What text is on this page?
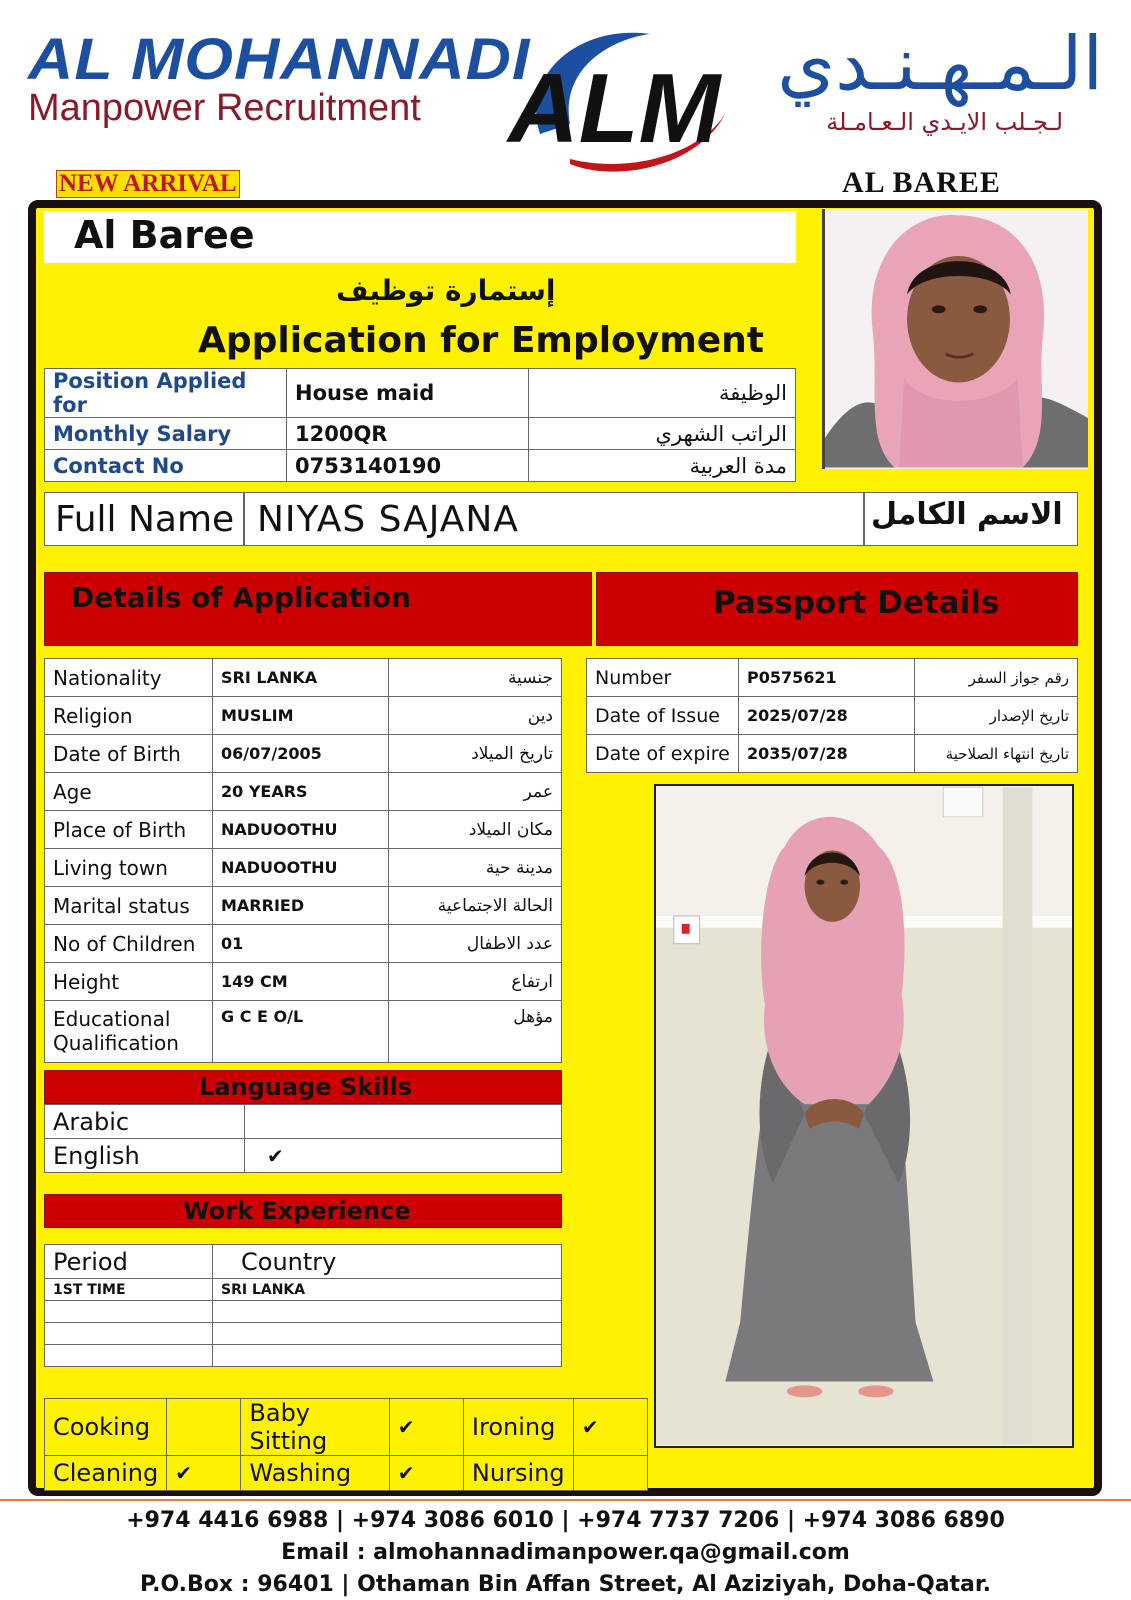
AL MOHANNADI
Manpower Recruitment ALM الـمـهـنـدي
لـجـلب الايـدي الـعـامـلة
NEW ARRIVAL	AL BAREE
Al Baree
إستمارة توظيف
Application for Employment
Position Applied for	House maid	الوظيفة
Monthly Salary	1200QR	الراتب الشهري
Contact No	0753140190	مدة العربية
Full Name NIYAS SAJANA	الاسم الكامل
Details of Application	Passport Details
Nationality	SRI LANKA	جنسية
Religion	MUSLIM	دين
Date of Birth	06/07/2005	تاريخ الميلاد
Age	20 YEARS	عمر
Place of Birth	NADUOOTHU	مكان الميلاد
Living town	NADUOOTHU	مدينة حية
Marital status	MARRIED	الحالة الاجتماعية
No of Children	01	عدد الاطفال
Height	149 CM	ارتفاع
Educational Qualification	G C E O/L	مؤهل
Number	P0575621	رقم جواز السفر
Date of Issue	2025/07/28	تاريخ الإصدار
Date of expire	2035/07/28	تاريخ انتهاء الصلاحية
Language Skills
Arabic	
English	✔
Work Experience
Period	Country
1ST TIME	SRI LANKA

Cooking		Baby Sitting	✔	Ironing	✔
Cleaning	✔	Washing	✔	Nursing	
+974 4416 6988 | +974 3086 6010 | +974 7737 7206 | +974 3086 6890
Email : almohannadimanpower.qa@gmail.com
P.O.Box : 96401 | Othaman Bin Affan Street, Al Aziziyah, Doha-Qatar.
